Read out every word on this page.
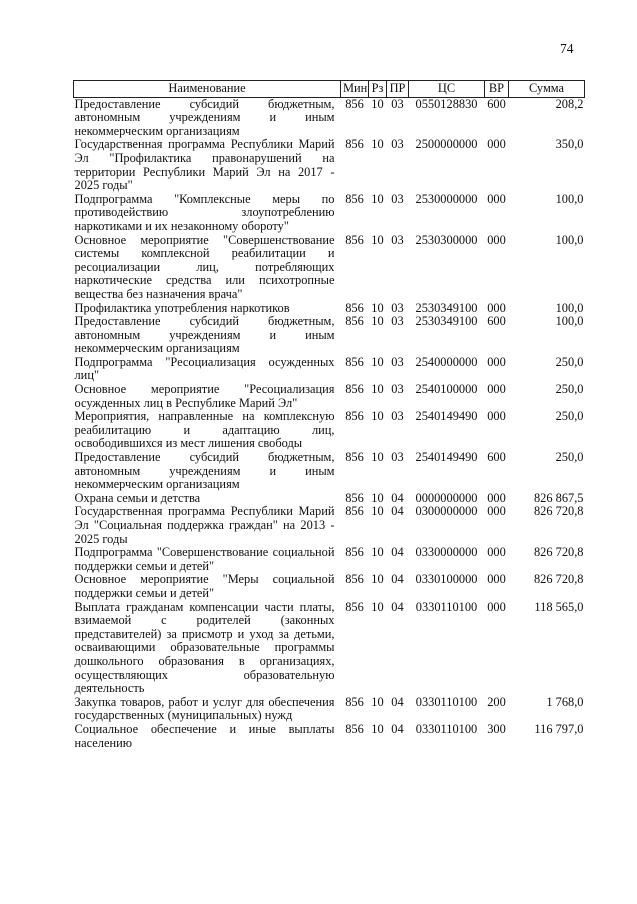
74
Наименование	Мин	Рз	ПР	ЦС	ВР	Сумма
Предоставление субсидий бюджетным, автономным учреждениям и иным некоммерческим организациям	856	10	03	0550128830	600	208,2
Государственная программа Республики Марий Эл "Профилактика правонарушений на территории Республики Марий Эл на 2017 - 2025 годы"	856	10	03	2500000000	000	350,0
Подпрограмма "Комплексные меры по противодействию злоупотреблению наркотиками и их незаконному обороту"	856	10	03	2530000000	000	100,0
Основное мероприятие "Совершенствование системы комплексной реабилитации и ресоциализации лиц, потребляющих наркотические средства или психотропные вещества без назначения врача"	856	10	03	2530300000	000	100,0
Профилактика употребления наркотиков	856	10	03	2530349100	000	100,0
Предоставление субсидий бюджетным, автономным учреждениям и иным некоммерческим организациям	856	10	03	2530349100	600	100,0
Подпрограмма "Ресоциализация осужденных лиц"	856	10	03	2540000000	000	250,0
Основное мероприятие "Ресоциализация осужденных лиц в Республике Марий Эл"	856	10	03	2540100000	000	250,0
Мероприятия, направленные на комплексную реабилитацию и адаптацию лиц, освободившихся из мест лишения свободы	856	10	03	2540149490	000	250,0
Предоставление субсидий бюджетным, автономным учреждениям и иным некоммерческим организациям	856	10	03	2540149490	600	250,0
Охрана семьи и детства	856	10	04	0000000000	000	826 867,5
Государственная программа Республики Марий Эл "Социальная поддержка граждан" на 2013 - 2025 годы	856	10	04	0300000000	000	826 720,8
Подпрограмма "Совершенствование социальной поддержки семьи и детей"	856	10	04	0330000000	000	826 720,8
Основное мероприятие "Меры социальной поддержки семьи и детей"	856	10	04	0330100000	000	826 720,8
Выплата гражданам компенсации части платы, взимаемой с родителей (законных представителей) за присмотр и уход за детьми, осваивающими образовательные программы дошкольного образования в организациях, осуществляющих образовательную деятельность	856	10	04	0330110100	000	118 565,0
Закупка товаров, работ и услуг для обеспечения государственных (муниципальных) нужд	856	10	04	0330110100	200	1 768,0
Социальное обеспечение и иные выплаты населению	856	10	04	0330110100	300	116 797,0
